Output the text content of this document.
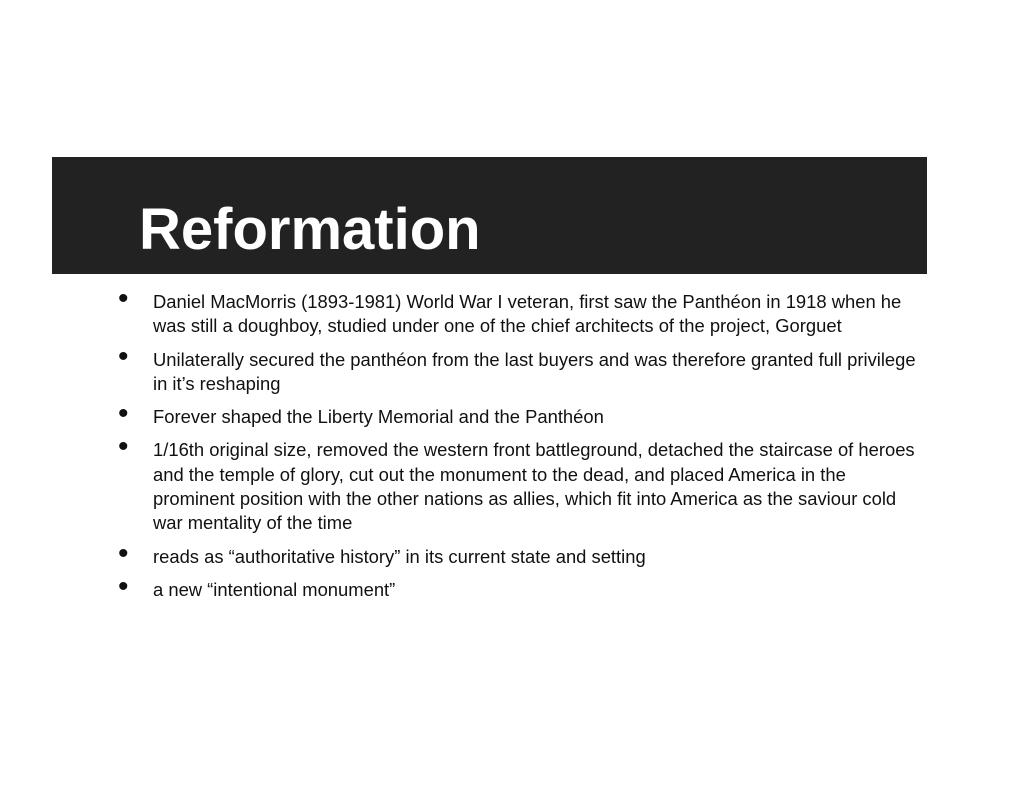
Reformation
• Daniel MacMorris (1893-1981) World War I veteran, first saw the Panthéon in 1918 when he was still a doughboy, studied under one of the chief architects of the project, Gorguet
• Unilaterally secured the panthéon from the last buyers and was therefore granted full privilege in it’s reshaping
• Forever shaped the Liberty Memorial and the Panthéon
• 1/16th original size, removed the western front battleground, detached the staircase of heroes and the temple of glory, cut out the monument to the dead, and placed America in the prominent position with the other nations as allies, which fit into America as the saviour cold war mentality of the time
• reads as “authoritative history” in its current state and setting
• a new “intentional monument”
